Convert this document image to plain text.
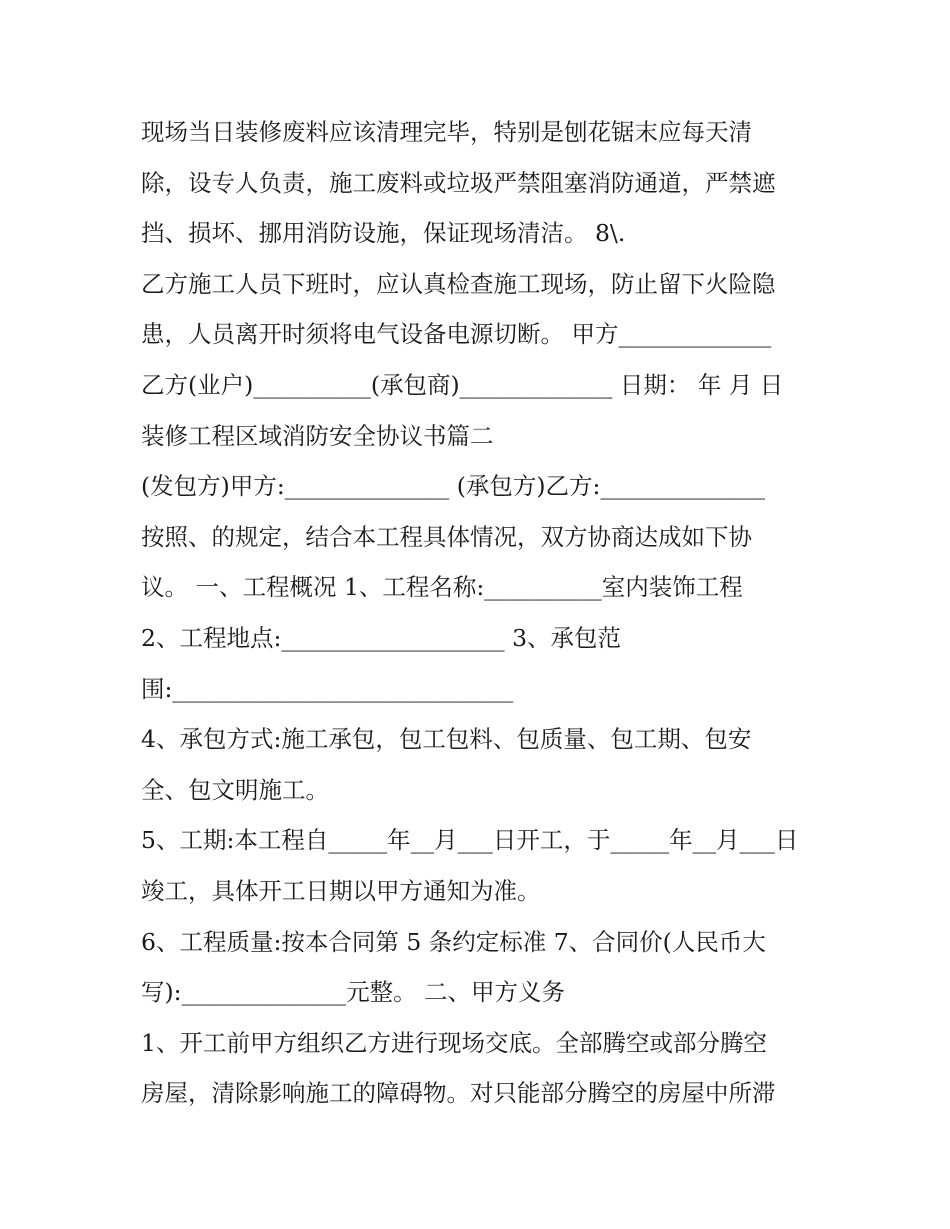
现场当日装修废料应该清理完毕，特别是刨花锯末应每天清
除，设专人负责，施工废料或垃圾严禁阻塞消防通道，严禁遮
挡、损坏、挪用消防设施，保证现场清洁。 8\.
乙方施工人员下班时，应认真检查施工现场，防止留下火险隐
患，人员离开时须将电气设备电源切断。 甲方_____________
乙方(业户)__________(承包商)_____________ 日期： 年 月 日
装修工程区域消防安全协议书篇二
(发包方)甲方:______________ (承包方)乙方:______________
按照、的规定，结合本工程具体情况，双方协商达成如下协
议。 一、工程概况 1、工程名称:__________室内装饰工程
2、工程地点:___________________ 3、承包范
围:_____________________________
4、承包方式:施工承包，包工包料、包质量、包工期、包安
全、包文明施工。
5、工期:本工程自_____年__月___日开工，于_____年__月___日
竣工，具体开工日期以甲方通知为准。
6、工程质量:按本合同第 5 条约定标准 7、合同价(人民币大
写):______________元整。 二、甲方义务
1、开工前甲方组织乙方进行现场交底。全部腾空或部分腾空
房屋，清除影响施工的障碍物。对只能部分腾空的房屋中所滞
